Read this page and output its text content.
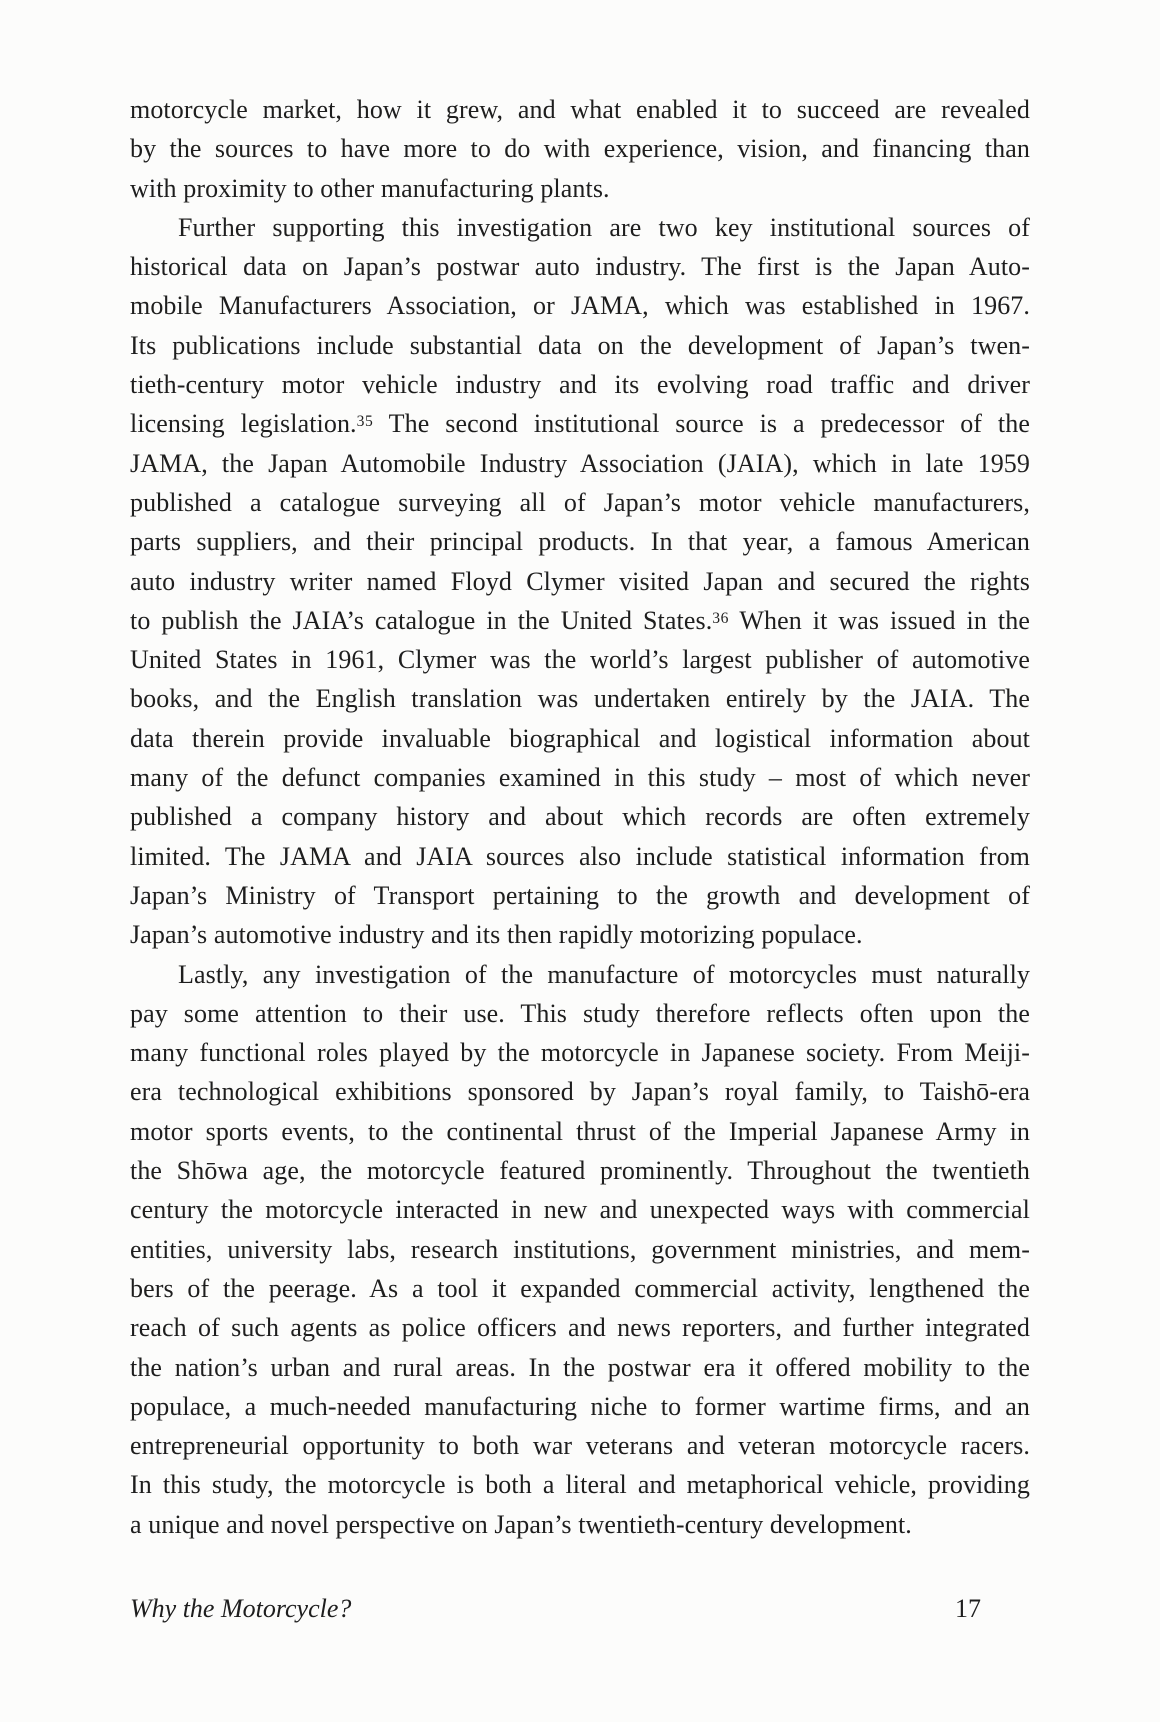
motorcycle market, how it grew, and what enabled it to succeed are revealed
by the sources to have more to do with experience, vision, and financing than
with proximity to other manufacturing plants.
Further supporting this investigation are two key institutional sources of
historical data on Japan’s postwar auto industry. The first is the Japan Auto-
mobile Manufacturers Association, or JAMA, which was established in 1967.
Its publications include substantial data on the development of Japan’s twen-
tieth-century motor vehicle industry and its evolving road traffic and driver
licensing legislation.$^{35}$ The second institutional source is a predecessor of the
JAMA, the Japan Automobile Industry Association (JAIA), which in late 1959
published a catalogue surveying all of Japan’s motor vehicle manufacturers,
parts suppliers, and their principal products. In that year, a famous American
auto industry writer named Floyd Clymer visited Japan and secured the rights
to publish the JAIA’s catalogue in the United States.$^{36}$ When it was issued in the
United States in 1961, Clymer was the world’s largest publisher of automotive
books, and the English translation was undertaken entirely by the JAIA. The
data therein provide invaluable biographical and logistical information about
many of the defunct companies examined in this study – most of which never
published a company history and about which records are often extremely
limited. The JAMA and JAIA sources also include statistical information from
Japan’s Ministry of Transport pertaining to the growth and development of
Japan’s automotive industry and its then rapidly motorizing populace.
Lastly, any investigation of the manufacture of motorcycles must naturally
pay some attention to their use. This study therefore reflects often upon the
many functional roles played by the motorcycle in Japanese society. From Meiji-
era technological exhibitions sponsored by Japan’s royal family, to Taishō-era
motor sports events, to the continental thrust of the Imperial Japanese Army in
the Shōwa age, the motorcycle featured prominently. Throughout the twentieth
century the motorcycle interacted in new and unexpected ways with commercial
entities, university labs, research institutions, government ministries, and mem-
bers of the peerage. As a tool it expanded commercial activity, lengthened the
reach of such agents as police officers and news reporters, and further integrated
the nation’s urban and rural areas. In the postwar era it offered mobility to the
populace, a much-needed manufacturing niche to former wartime firms, and an
entrepreneurial opportunity to both war veterans and veteran motorcycle racers.
In this study, the motorcycle is both a literal and metaphorical vehicle, providing
a unique and novel perspective on Japan’s twentieth-century development.
Why the Motorcycle?	17
